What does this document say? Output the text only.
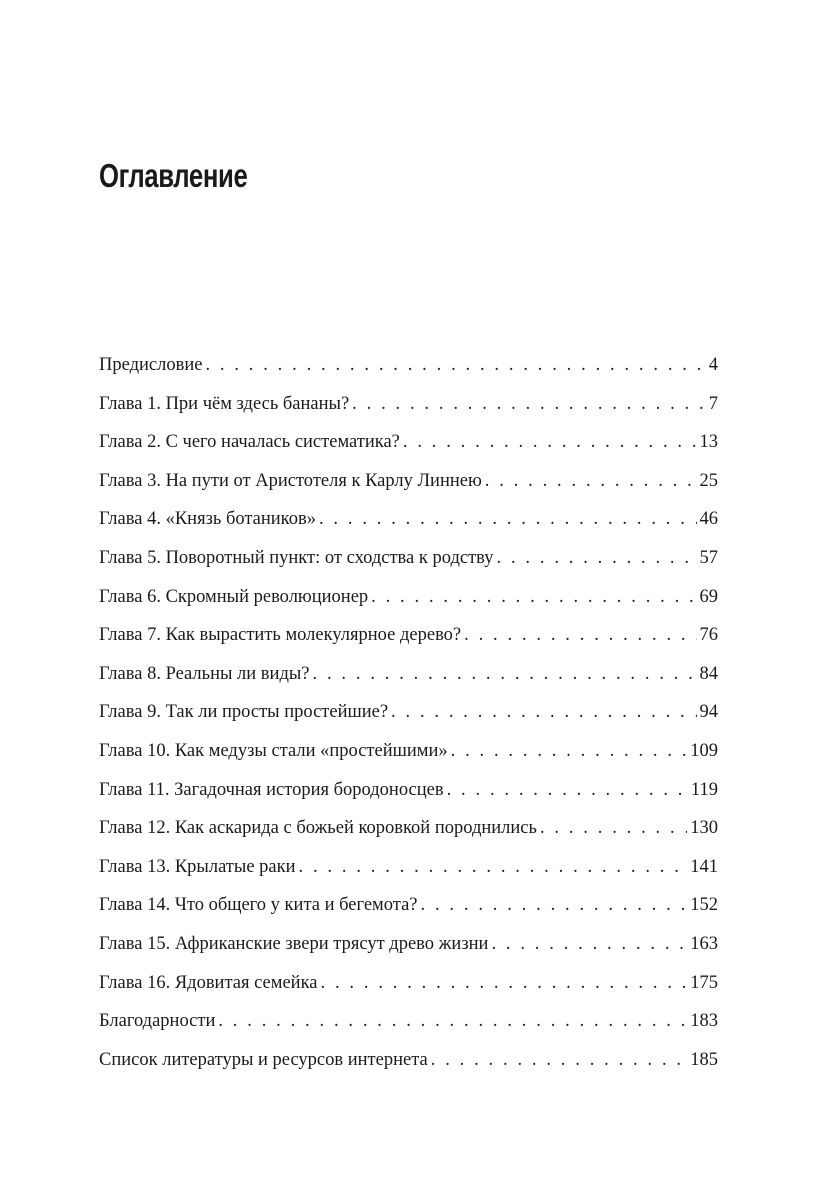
Оглавление
Предисловие . . .	4
Глава 1. При чём здесь бананы? . . .	7
Глава 2. С чего началась систематика? . . .	13
Глава 3. На пути от Аристотеля к Карлу Линнею . . .	25
Глава 4. «Князь ботаников» . . .	46
Глава 5. Поворотный пункт: от сходства к родству . . .	57
Глава 6. Скромный революционер . . .	69
Глава 7. Как вырастить молекулярное дерево? . . .	76
Глава 8. Реальны ли виды? . . .	84
Глава 9. Так ли просты простейшие? . . .	94
Глава 10. Как медузы стали «простейшими» . . .	109
Глава 11. Загадочная история бородоносцев . . .	119
Глава 12. Как аскарида с божьей коровкой породнились . . .	130
Глава 13. Крылатые раки . . .	141
Глава 14. Что общего у кита и бегемота? . . .	152
Глава 15. Африканские звери трясут древо жизни . . .	163
Глава 16. Ядовитая семейка . . .	175
Благодарности . . .	183
Список литературы и ресурсов интернета . . .	185
